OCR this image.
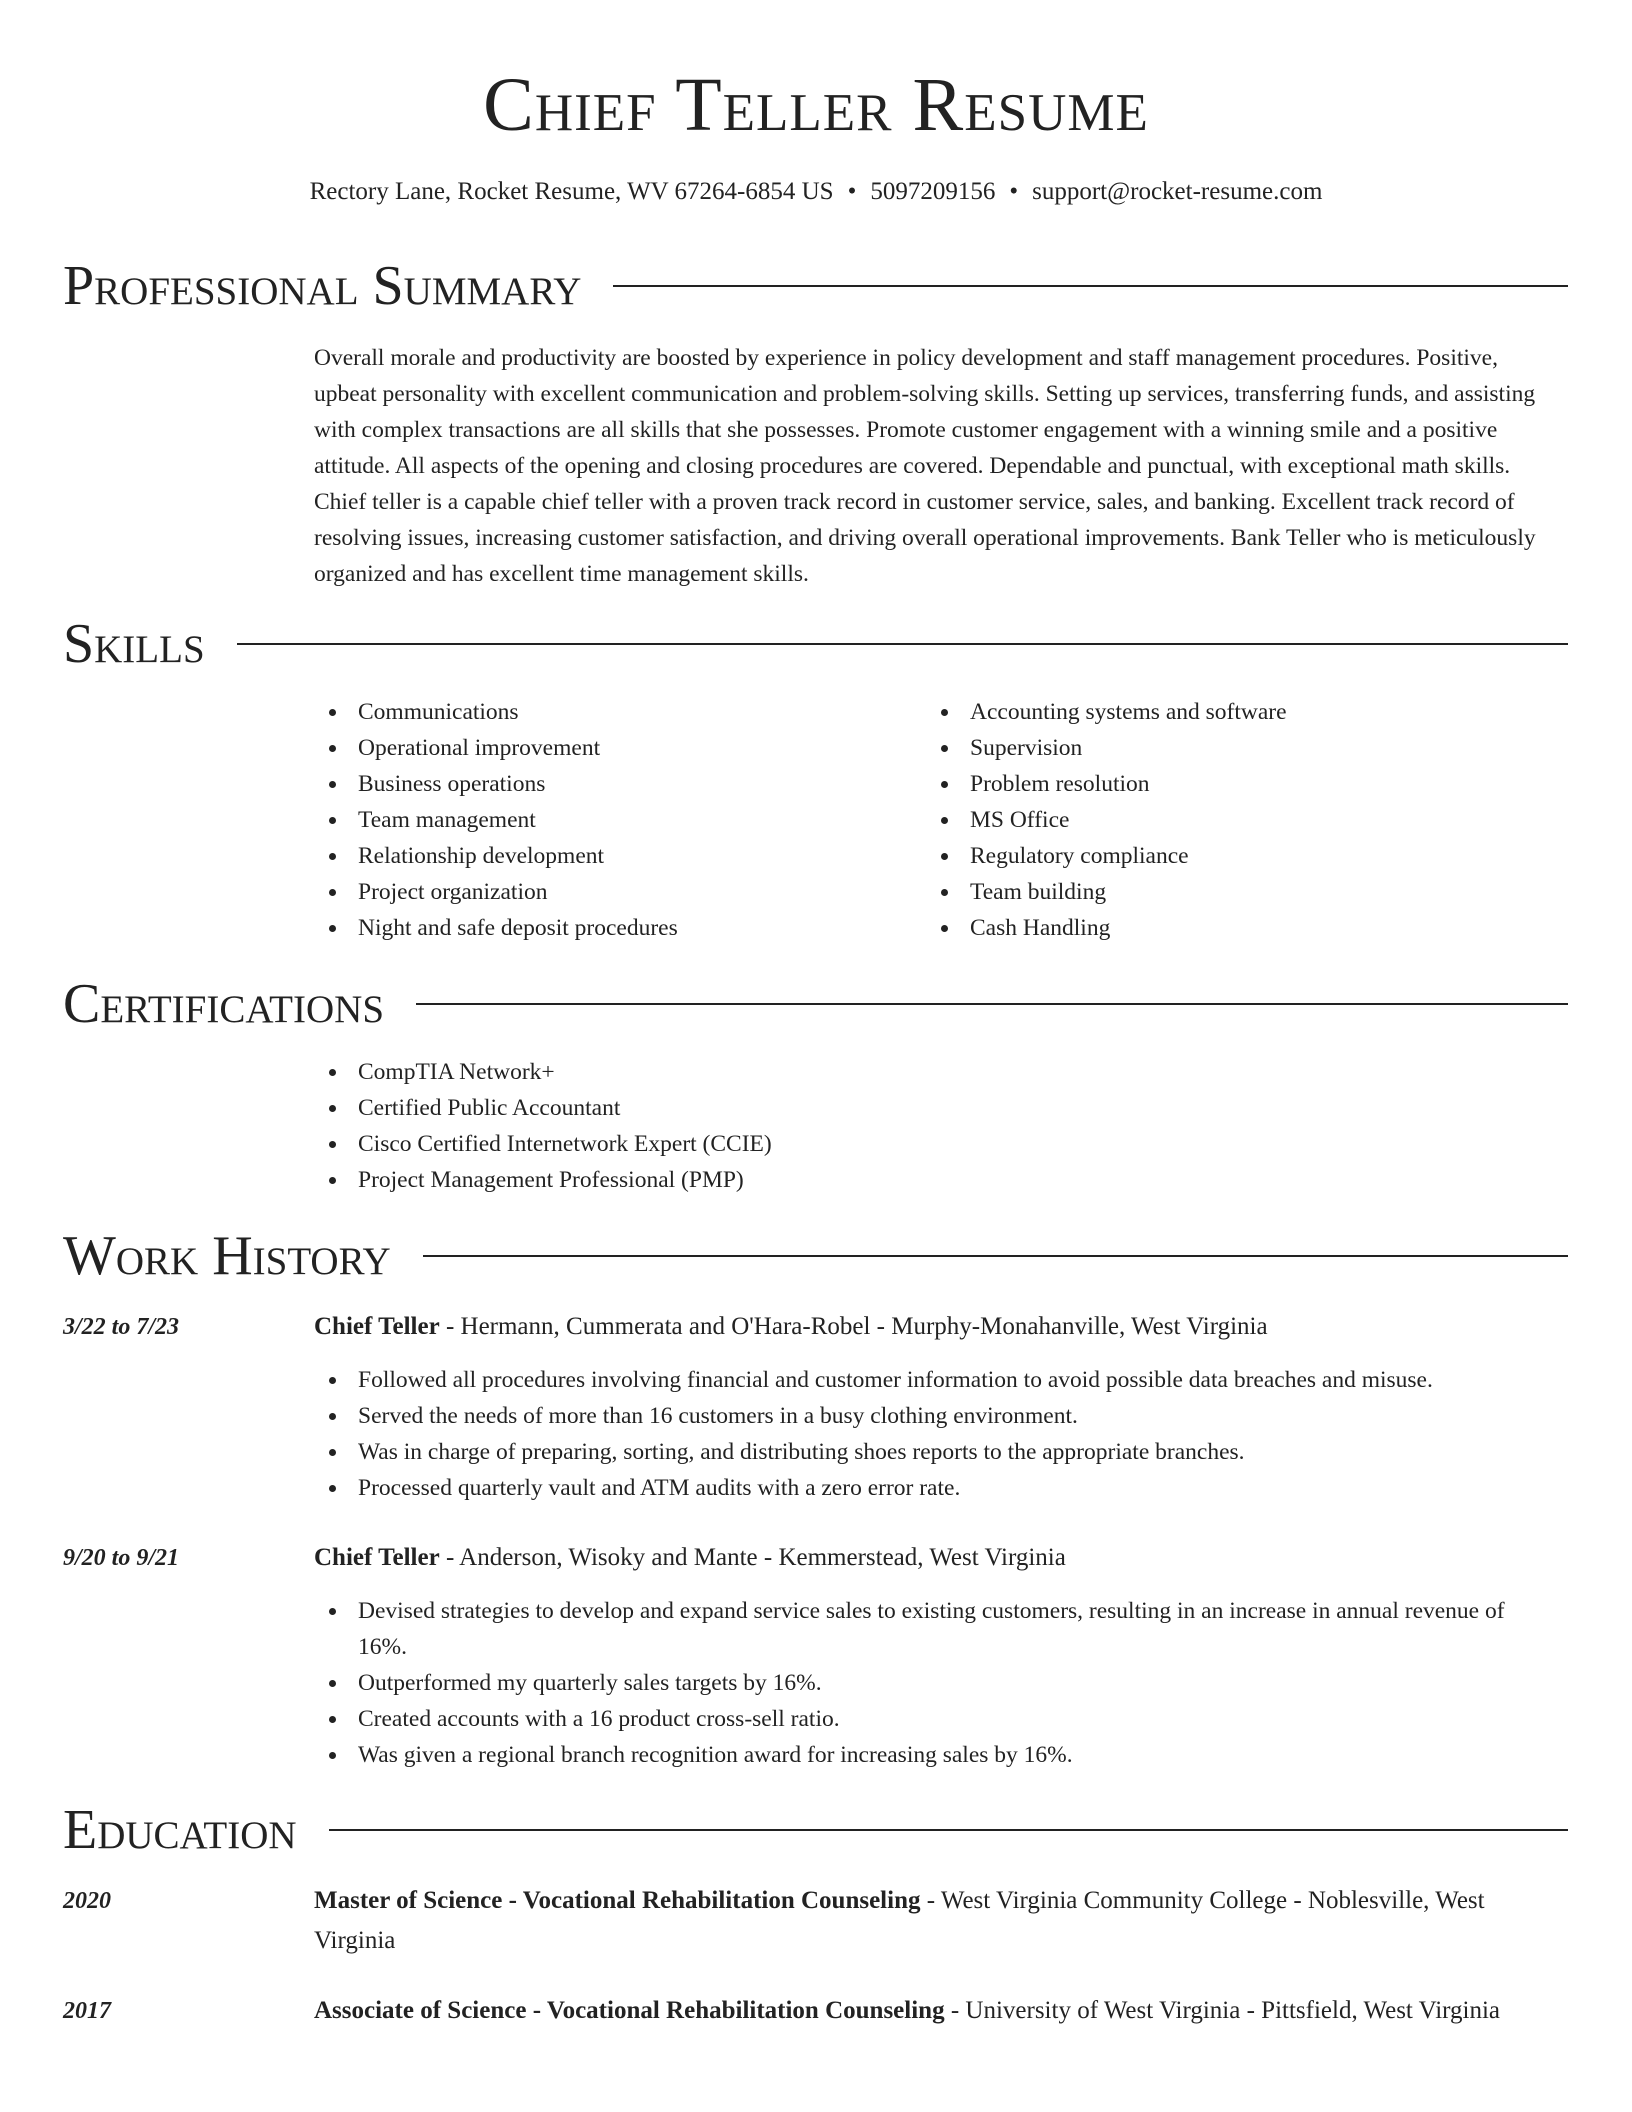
Chief Teller Resume
Rectory Lane, Rocket Resume, WV 67264-6854 US • 5097209156 • support@rocket-resume.com
Professional Summary

Overall morale and productivity are boosted by experience in policy development and staff management procedures. Positive, upbeat personality with excellent communication and problem-solving skills. Setting up services, transferring funds, and assisting with complex transactions are all skills that she possesses. Promote customer engagement with a winning smile and a positive attitude. All aspects of the opening and closing procedures are covered. Dependable and punctual, with exceptional math skills. Chief teller is a capable chief teller with a proven track record in customer service, sales, and banking. Excellent track record of resolving issues, increasing customer satisfaction, and driving overall operational improvements. Bank Teller who is meticulously organized and has excellent time management skills.

Skills
Communications
Operational improvement
Business operations
Team management
Relationship development
Project organization
Night and safe deposit procedures
Accounting systems and software
Supervision
Problem resolution
MS Office
Regulatory compliance
Team building
Cash Handling
Certifications
CompTIA Network+
Certified Public Accountant
Cisco Certified Internetwork Expert (CCIE)
Project Management Professional (PMP)
Work History
3/22 to 7/23	Chief Teller - Hermann, Cummerata and O'Hara-Robel - Murphy-Monahanville, West Virginia
Followed all procedures involving financial and customer information to avoid possible data breaches and misuse.
Served the needs of more than 16 customers in a busy clothing environment.
Was in charge of preparing, sorting, and distributing shoes reports to the appropriate branches.
Processed quarterly vault and ATM audits with a zero error rate.
9/20 to 9/21	Chief Teller - Anderson, Wisoky and Mante - Kemmerstead, West Virginia
Devised strategies to develop and expand service sales to existing customers, resulting in an increase in annual revenue of 16%.
Outperformed my quarterly sales targets by 16%.
Created accounts with a 16 product cross-sell ratio.
Was given a regional branch recognition award for increasing sales by 16%.
Education
2020	Master of Science - Vocational Rehabilitation Counseling - West Virginia Community College - Noblesville, West Virginia
2017	Associate of Science - Vocational Rehabilitation Counseling - University of West Virginia - Pittsfield, West Virginia
